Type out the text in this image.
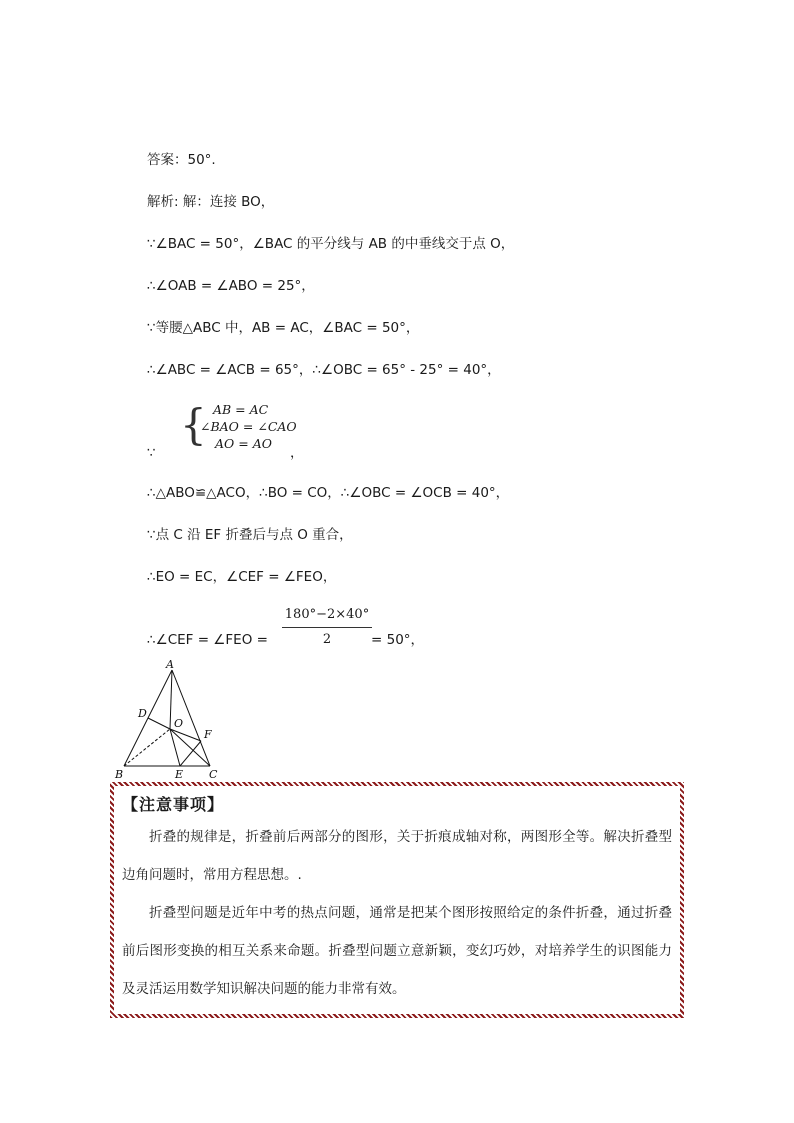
答案：50°.
解析: 解：连接 BO，
∵∠BAC = 50°，∠BAC 的平分线与 AB 的中垂线交于点 O，
∴∠OAB = ∠ABO = 25°，
∵等腰△ABC 中，AB = AC，∠BAC = 50°，
∴∠ABC = ∠ACB = 65°，∴∠OBC = 65° - 25° = 40°，
{ AB = AC
∠BAO = ∠CAO
AO = AO
∵	，
∴△ABO≌△ACO，∴BO = CO，∴∠OBC = ∠OCB = 40°，
∵点 C 沿 EF 折叠后与点 O 重合，
∴EO = EC，∠CEF = ∠FEO，
∴∠CEF = ∠FEO =
180°−2×40°
2	= 50°，
A
B	C
D
E
F
O
【注意事项】

折叠的规律是，折叠前后两部分的图形，关于折痕成轴对称，两图形全等。解决折叠型边角问题时，常用方程思想。.

折叠型问题是近年中考的热点问题，通常是把某个图形按照给定的条件折叠，通过折叠前后图形变换的相互关系来命题。折叠型问题立意新颖，变幻巧妙，对培养学生的识图能力及灵活运用数学知识解决问题的能力非常有效。
